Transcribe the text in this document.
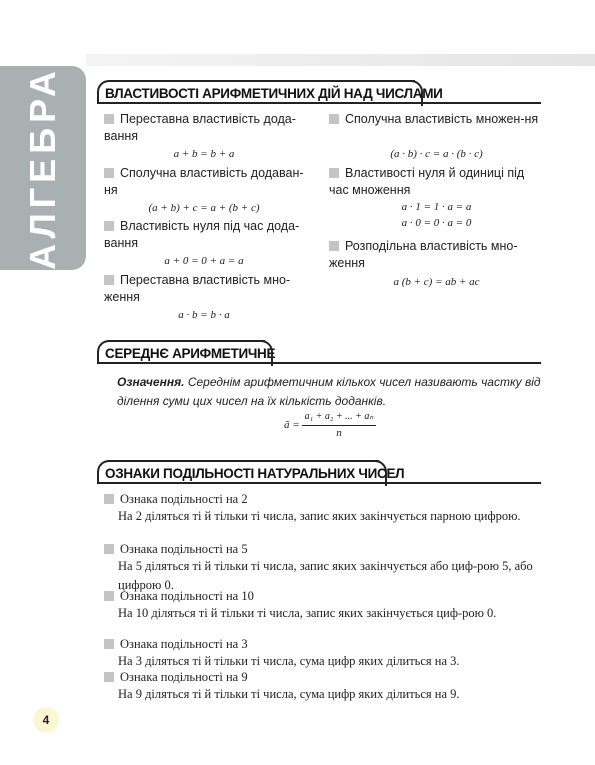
АЛГЕБРА
4
ВЛАСТИВОСТІ АРИФМЕТИЧНИХ ДІЙ НАД ЧИСЛАМИ
Переставна властивість дода-вання
a + b = b + a
Сполучна властивість додаван-ня
(a + b) + c = a + (b + c)
Властивість нуля під час дода-вання
a + 0 = 0 + a = a
Переставна властивість мно-ження
a · b = b · a
Сполучна властивість множен-ня
(a · b) · c = a · (b · c)
Властивості нуля й одиниці під час множення
a · 1 = 1 · a = a
a · 0 = 0 · a = 0
Розподільна властивість мно-ження
a (b + c) = ab + ac
СЕРЕДНЄ АРИФМЕТИЧНЕ
Означення. Середнім арифметичним кількох чисел називають частку від ділення суми цих чисел на їх кількість доданків.
ã =
a₁ + a₂ + ... + aₙ
n
ОЗНАКИ ПОДІЛЬНОСТІ НАТУРАЛЬНИХ ЧИСЕЛ
Ознака подільності на 2
На 2 діляться ті й тільки ті числа, запис яких закінчується парною цифрою.
Ознака подільності на 5
На 5 діляться ті й тільки ті числа, запис яких закінчується або циф-рою 5, або цифрою 0.
Ознака подільності на 10
На 10 діляться ті й тільки ті числа, запис яких закінчується циф-рою 0.
Ознака подільності на 3
На 3 діляться ті й тільки ті числа, сума цифр яких ділиться на 3.
Ознака подільності на 9
На 9 діляться ті й тільки ті числа, сума цифр яких ділиться на 9.
